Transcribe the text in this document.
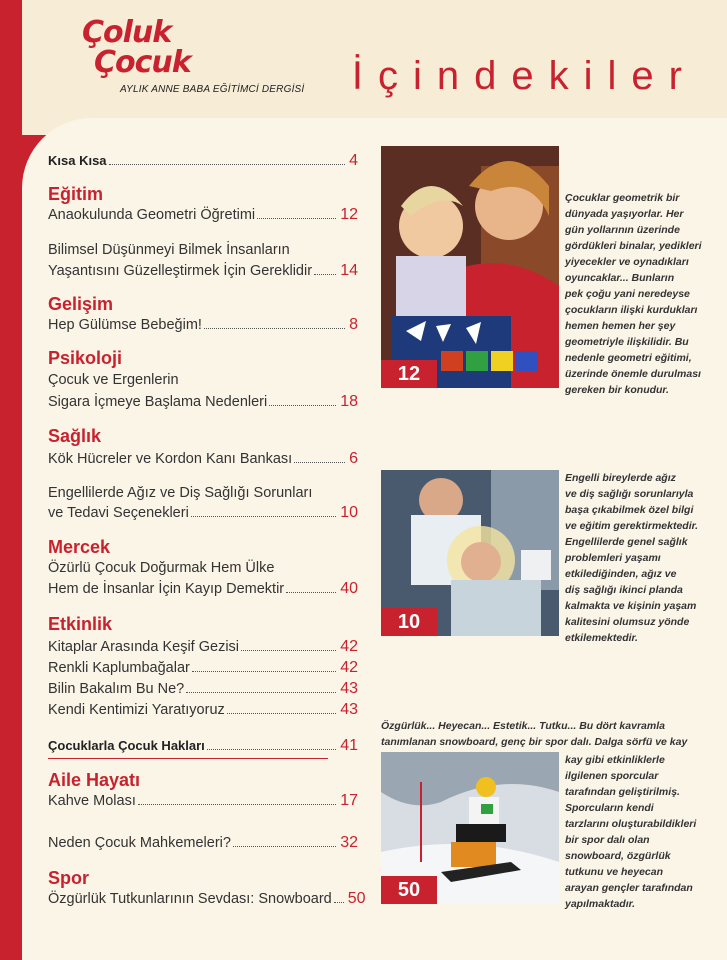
Çoluk
Çocuk
AYLIK ANNE BABA EĞİTİMCİ DERGİSİ İçindekiler
Kısa Kısa	4
Eğitim
Anaokulunda Geometri Öğretimi	12
Bilimsel Düşünmeyi Bilmek İnsanların
Yaşantısını Güzelleştirmek İçin Gereklidir 14
Gelişim
Hep Gülümse Bebeğim!	8
Psikoloji
Çocuk ve Ergenlerin
Sigara İçmeye Başlama Nedenleri	18
Sağlık
Kök Hücreler ve Kordon Kanı Bankası	6
Engellilerde Ağız ve Diş Sağlığı Sorunları
ve Tedavi Seçenekleri	10
Mercek
Özürlü Çocuk Doğurmak Hem Ülke
Hem de İnsanlar İçin Kayıp Demektir	40
Etkinlik
Kitaplar Arasında Keşif Gezisi	42
Renkli Kaplumbağalar	42
Bilin Bakalım Bu Ne?	43
Kendi Kentimizi Yaratıyoruz	43
Çocuklarla Çocuk Hakları	41
Aile Hayatı
Kahve Molası	17
Neden Çocuk Mahkemeleri?	32
Spor
Özgürlük Tutkunlarının Sevdası: Snowboard 50
12
Çocuklar geometrik bir
dünyada yaşıyorlar. Her
gün yollarının üzerinde
gördükleri binalar, yedikleri
yiyecekler ve oynadıkları
oyuncaklar... Bunların
pek çoğu yani neredeyse
çocukların ilişki kurdukları
hemen hemen her şey
geometriyle ilişkilidir. Bu
nedenle geometri eğitimi,
üzerinde önemle durulması
gereken bir konudur.
10
Engelli bireylerde ağız
ve diş sağlığı sorunlarıyla
başa çıkabilmek özel bilgi
ve eğitim gerektirmektedir.
Engellilerde genel sağlık
problemleri yaşamı
etkilediğinden, ağız ve
diş sağlığı ikinci planda
kalmakta ve kişinin yaşam
kalitesini olumsuz yönde
etkilemektedir.
Özgürlük... Heyecan... Estetik... Tutku... Bu dört kavramla
tanımlanan snowboard, genç bir spor dalı. Dalga sörfü ve kay
50
kay gibi etkinliklerle
ilgilenen sporcular
tarafından geliştirilmiş.
Sporcuların kendi
tarzlarını oluşturabildikleri
bir spor dalı olan
snowboard, özgürlük
tutkunu ve heyecan
arayan gençler tarafından
yapılmaktadır.
